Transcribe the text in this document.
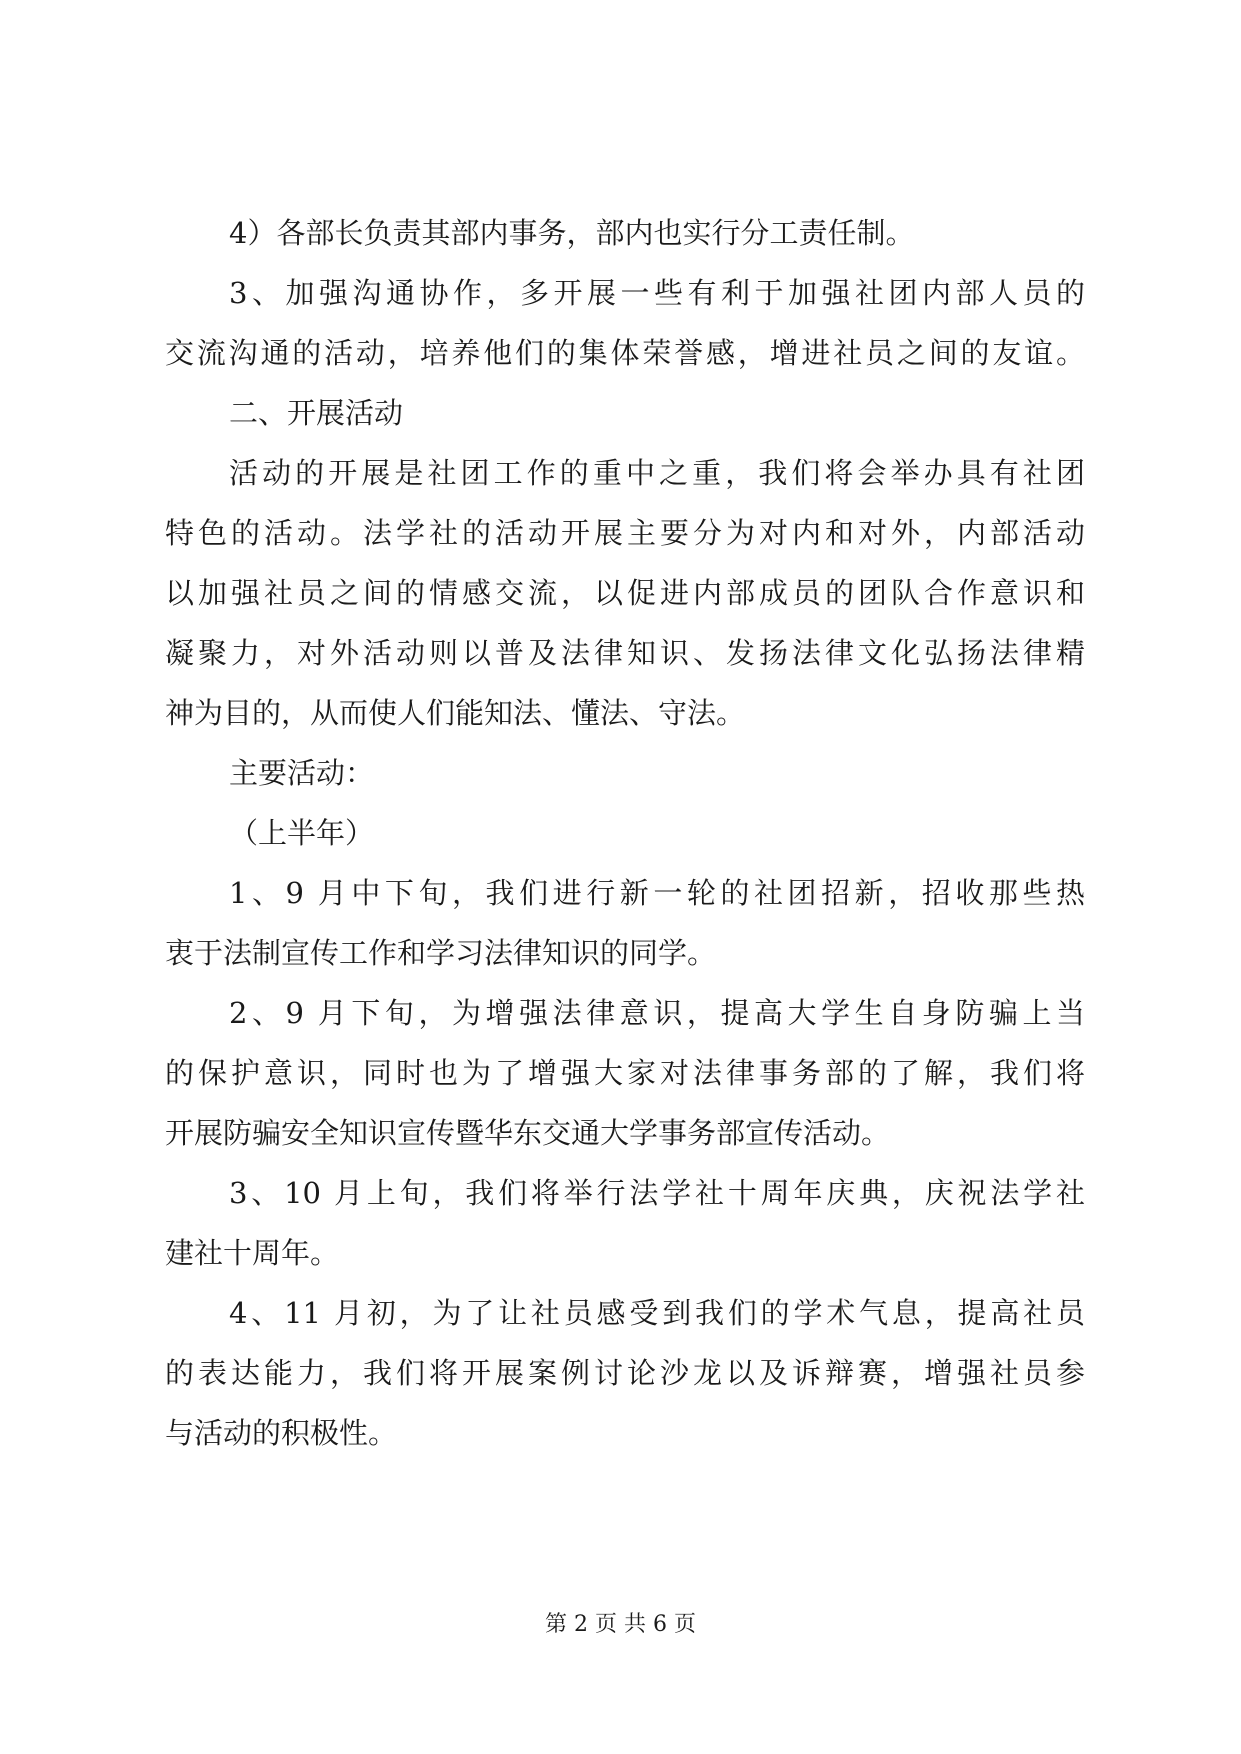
4）各部长负责其部内事务，部内也实行分工责任制。
3、加强沟通协作，多开展一些有利于加强社团内部人员的
交流沟通的活动，培养他们的集体荣誉感，增进社员之间的友谊。
二、开展活动
活动的开展是社团工作的重中之重，我们将会举办具有社团
特色的活动。法学社的活动开展主要分为对内和对外，内部活动
以加强社员之间的情感交流，以促进内部成员的团队合作意识和
凝聚力，对外活动则以普及法律知识、发扬法律文化弘扬法律精
神为目的，从而使人们能知法、懂法、守法。
主要活动：
（上半年）
1、9 月中下旬，我们进行新一轮的社团招新，招收那些热
衷于法制宣传工作和学习法律知识的同学。
2、9 月下旬，为增强法律意识，提高大学生自身防骗上当
的保护意识，同时也为了增强大家对法律事务部的了解，我们将
开展防骗安全知识宣传暨华东交通大学事务部宣传活动。
3、10 月上旬，我们将举行法学社十周年庆典，庆祝法学社
建社十周年。
4、11 月初，为了让社员感受到我们的学术气息，提高社员
的表达能力，我们将开展案例讨论沙龙以及诉辩赛，增强社员参
与活动的积极性。
第 2 页 共 6 页
